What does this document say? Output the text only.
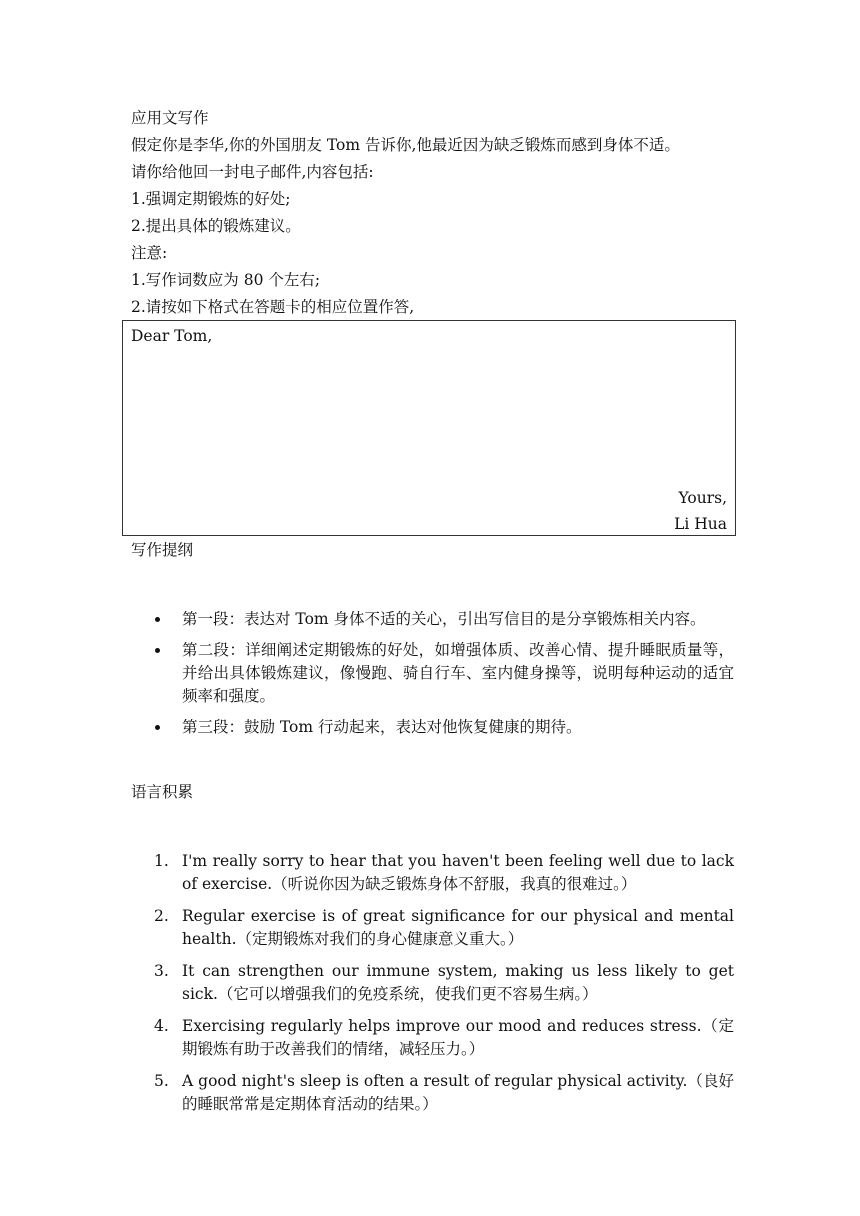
应用文写作
假定你是李华,你的外国朋友 Tom 告诉你,他最近因为缺乏锻炼而感到身体不适。
请你给他回一封电子邮件,内容包括:
1.强调定期锻炼的好处;
2.提出具体的锻炼建议。
注意:
1.写作词数应为 80 个左右;
2.请按如下格式在答题卡的相应位置作答,
Dear Tom,
Yours,
Li Hua
写作提纲
第一段：表达对 Tom 身体不适的关心，引出写信目的是分享锻炼相关内容。
第二段：详细阐述定期锻炼的好处，如增强体质、改善心情、提升睡眠质量等，并给出具体锻炼建议，像慢跑、骑自行车、室内健身操等，说明每种运动的适宜频率和强度。
第三段：鼓励 Tom 行动起来，表达对他恢复健康的期待。
语言积累
1. I'm really sorry to hear that you haven't been feeling well due to lack of exercise.（听说你因为缺乏锻炼身体不舒服，我真的很难过。）
2. Regular exercise is of great significance for our physical and mental health.（定期锻炼对我们的身心健康意义重大。）
3. It can strengthen our immune system, making us less likely to get sick.（它可以增强我们的免疫系统，使我们更不容易生病。）
4. Exercising regularly helps improve our mood and reduces stress.（定期锻炼有助于改善我们的情绪，减轻压力。）
5. A good night's sleep is often a result of regular physical activity.（良好的睡眠常常是定期体育活动的结果。）
